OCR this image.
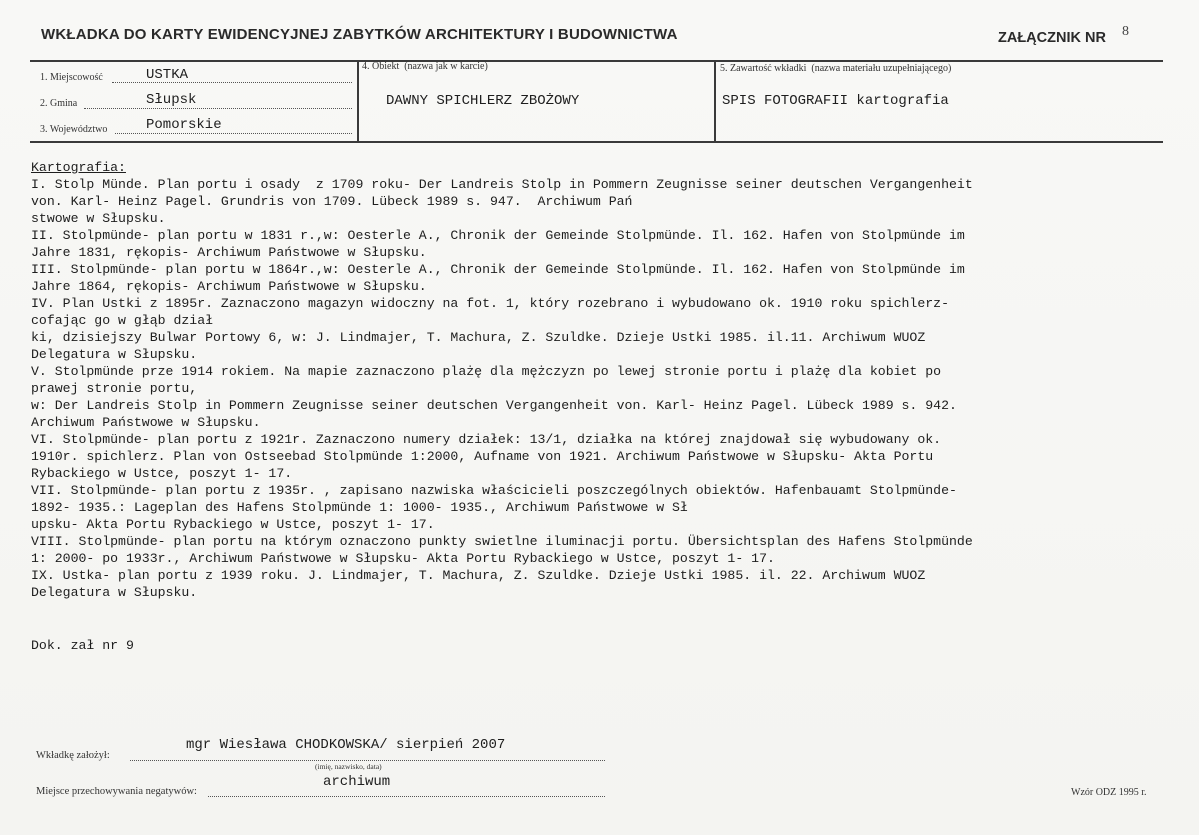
WKŁADKA DO KARTY EWIDENCYJNEJ ZABYTKÓW ARCHITEKTURY I BUDOWNICTWA	ZAŁĄCZNIK NR 8
1. Miejscowość	USTKA
2. Gmina	Słupsk
3. Województwo	Pomorskie
4. Obiekt  (nazwa jak w karcie)
DAWNY SPICHLERZ ZBOŻOWY
5. Zawartość wkładki  (nazwa materiału uzupełniającego)
SPIS FOTOGRAFII kartografia
Kartografia:
I. Stolp Münde. Plan portu i osady  z 1709 roku- Der Landreis Stolp in Pommern Zeugnisse seiner deutschen Vergangenheit
von. Karl- Heinz Pagel. Grundris von 1709. Lübeck 1989 s. 947.  Archiwum Pań
stwowe w Słupsku.
II. Stolpmünde- plan portu w 1831 r.,w: Oesterle A., Chronik der Gemeinde Stolpmünde. Il. 162. Hafen von Stolpmünde im
Jahre 1831, rękopis- Archiwum Państwowe w Słupsku.
III. Stolpmünde- plan portu w 1864r.,w: Oesterle A., Chronik der Gemeinde Stolpmünde. Il. 162. Hafen von Stolpmünde im
Jahre 1864, rękopis- Archiwum Państwowe w Słupsku.
IV. Plan Ustki z 1895r. Zaznaczono magazyn widoczny na fot. 1, który rozebrano i wybudowano ok. 1910 roku spichlerz-
cofając go w głąb dział
ki, dzisiejszy Bulwar Portowy 6, w: J. Lindmajer, T. Machura, Z. Szuldke. Dzieje Ustki 1985. il.11. Archiwum WUOZ
Delegatura w Słupsku.
V. Stolpmünde prze 1914 rokiem. Na mapie zaznaczono plażę dla mężczyzn po lewej stronie portu i plażę dla kobiet po
prawej stronie portu,
w: Der Landreis Stolp in Pommern Zeugnisse seiner deutschen Vergangenheit von. Karl- Heinz Pagel. Lübeck 1989 s. 942.
Archiwum Państwowe w Słupsku.
VI. Stolpmünde- plan portu z 1921r. Zaznaczono numery działek: 13/1, działka na której znajdował się wybudowany ok.
1910r. spichlerz. Plan von Ostseebad Stolpmünde 1:2000, Aufname von 1921. Archiwum Państwowe w Słupsku- Akta Portu
Rybackiego w Ustce, poszyt 1- 17.
VII. Stolpmünde- plan portu z 1935r. , zapisano nazwiska właścicieli poszczególnych obiektów. Hafenbauamt Stolpmünde-
1892- 1935.: Lageplan des Hafens Stolpmünde 1: 1000- 1935., Archiwum Państwowe w Sł
upsku- Akta Portu Rybackiego w Ustce, poszyt 1- 17.
VIII. Stolpmünde- plan portu na którym oznaczono punkty swietlne iluminacji portu. Übersichtsplan des Hafens Stolpmünde
1: 2000- po 1933r., Archiwum Państwowe w Słupsku- Akta Portu Rybackiego w Ustce, poszyt 1- 17.
IX. Ustka- plan portu z 1939 roku. J. Lindmajer, T. Machura, Z. Szuldke. Dzieje Ustki 1985. il. 22. Archiwum WUOZ
Delegatura w Słupsku.
Dok. zał nr 9
Wkładkę założył:
mgr Wiesława CHODKOWSKA/ sierpień 2007
(imię, nazwisko, data)
Miejsce przechowywania negatywów:
archiwum
Wzór ODZ 1995 r.
